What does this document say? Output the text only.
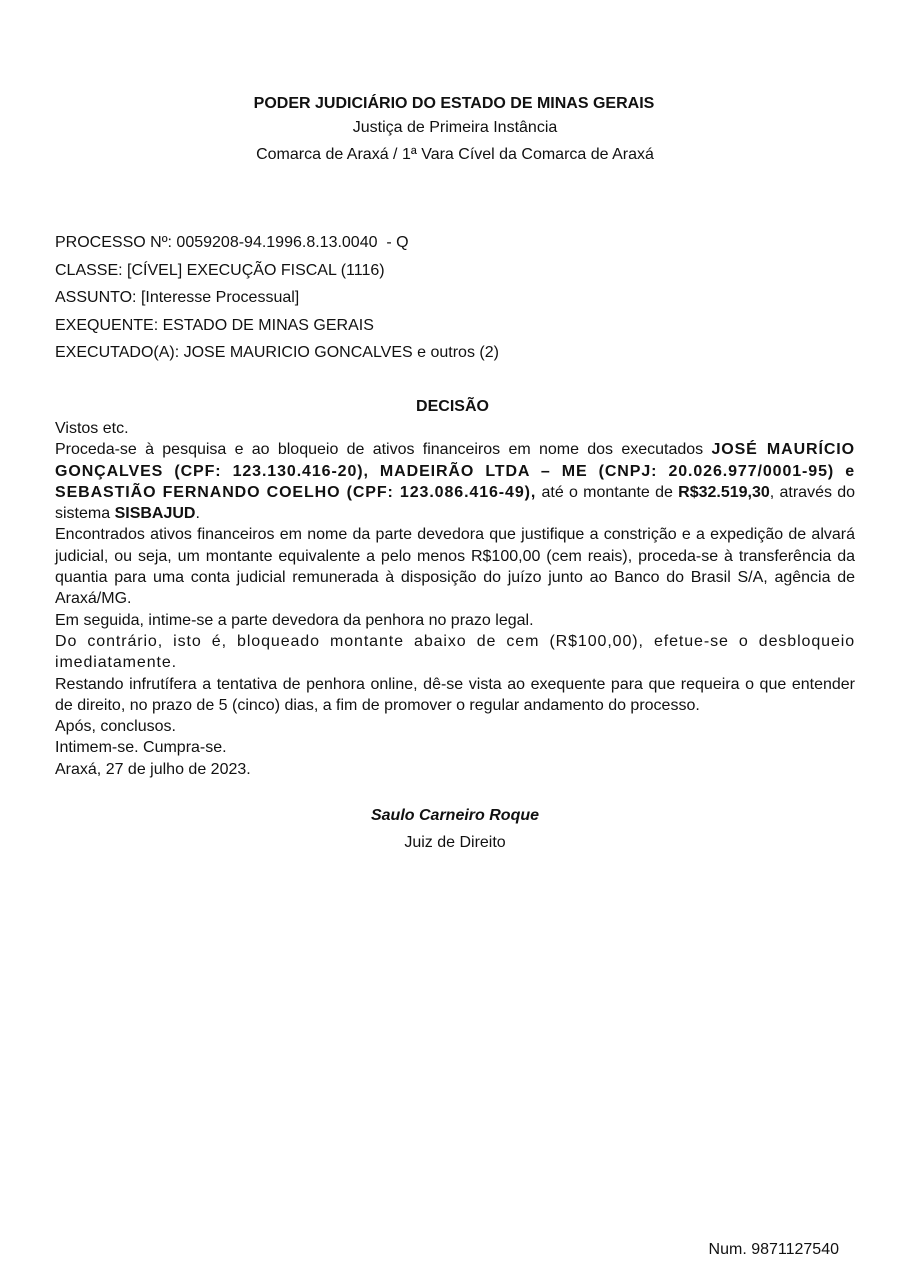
PODER JUDICIÁRIO DO ESTADO DE MINAS GERAIS
Justiça de Primeira Instância
Comarca de Araxá / 1ª Vara Cível da Comarca de Araxá
PROCESSO Nº: 0059208-94.1996.8.13.0040  - Q
CLASSE: [CÍVEL] EXECUÇÃO FISCAL (1116)
ASSUNTO: [Interesse Processual]
EXEQUENTE: ESTADO DE MINAS GERAIS
EXECUTADO(A): JOSE MAURICIO GONCALVES e outros (2)
DECISÃO

Vistos etc.

Proceda-se à pesquisa e ao bloqueio de ativos financeiros em nome dos executados JOSÉ MAURÍCIO GONÇALVES (CPF: 123.130.416-20), MADEIRÃO LTDA – ME (CNPJ: 20.026.977/0001-95) e SEBASTIÃO FERNANDO COELHO (CPF: 123.086.416-49), até o montante de R$32.519,30, através do sistema SISBAJUD.

Encontrados ativos financeiros em nome da parte devedora que justifique a constrição e a expedição de alvará judicial, ou seja, um montante equivalente a pelo menos R$100,00 (cem reais), proceda-se à transferência da quantia para uma conta judicial remunerada à disposição do juízo junto ao Banco do Brasil S/A, agência de Araxá/MG.

Em seguida, intime-se a parte devedora da penhora no prazo legal.

Do contrário, isto é, bloqueado montante abaixo de cem (R$100,00), efetue-se o desbloqueio imediatamente.

Restando infrutífera a tentativa de penhora online, dê-se vista ao exequente para que requeira o que entender de direito, no prazo de 5 (cinco) dias, a fim de promover o regular andamento do processo.

Após, conclusos.

Intimem-se. Cumpra-se.

Araxá, 27 de julho de 2023.

Saulo Carneiro Roque
Juiz de Direito
Num. 9871127540
